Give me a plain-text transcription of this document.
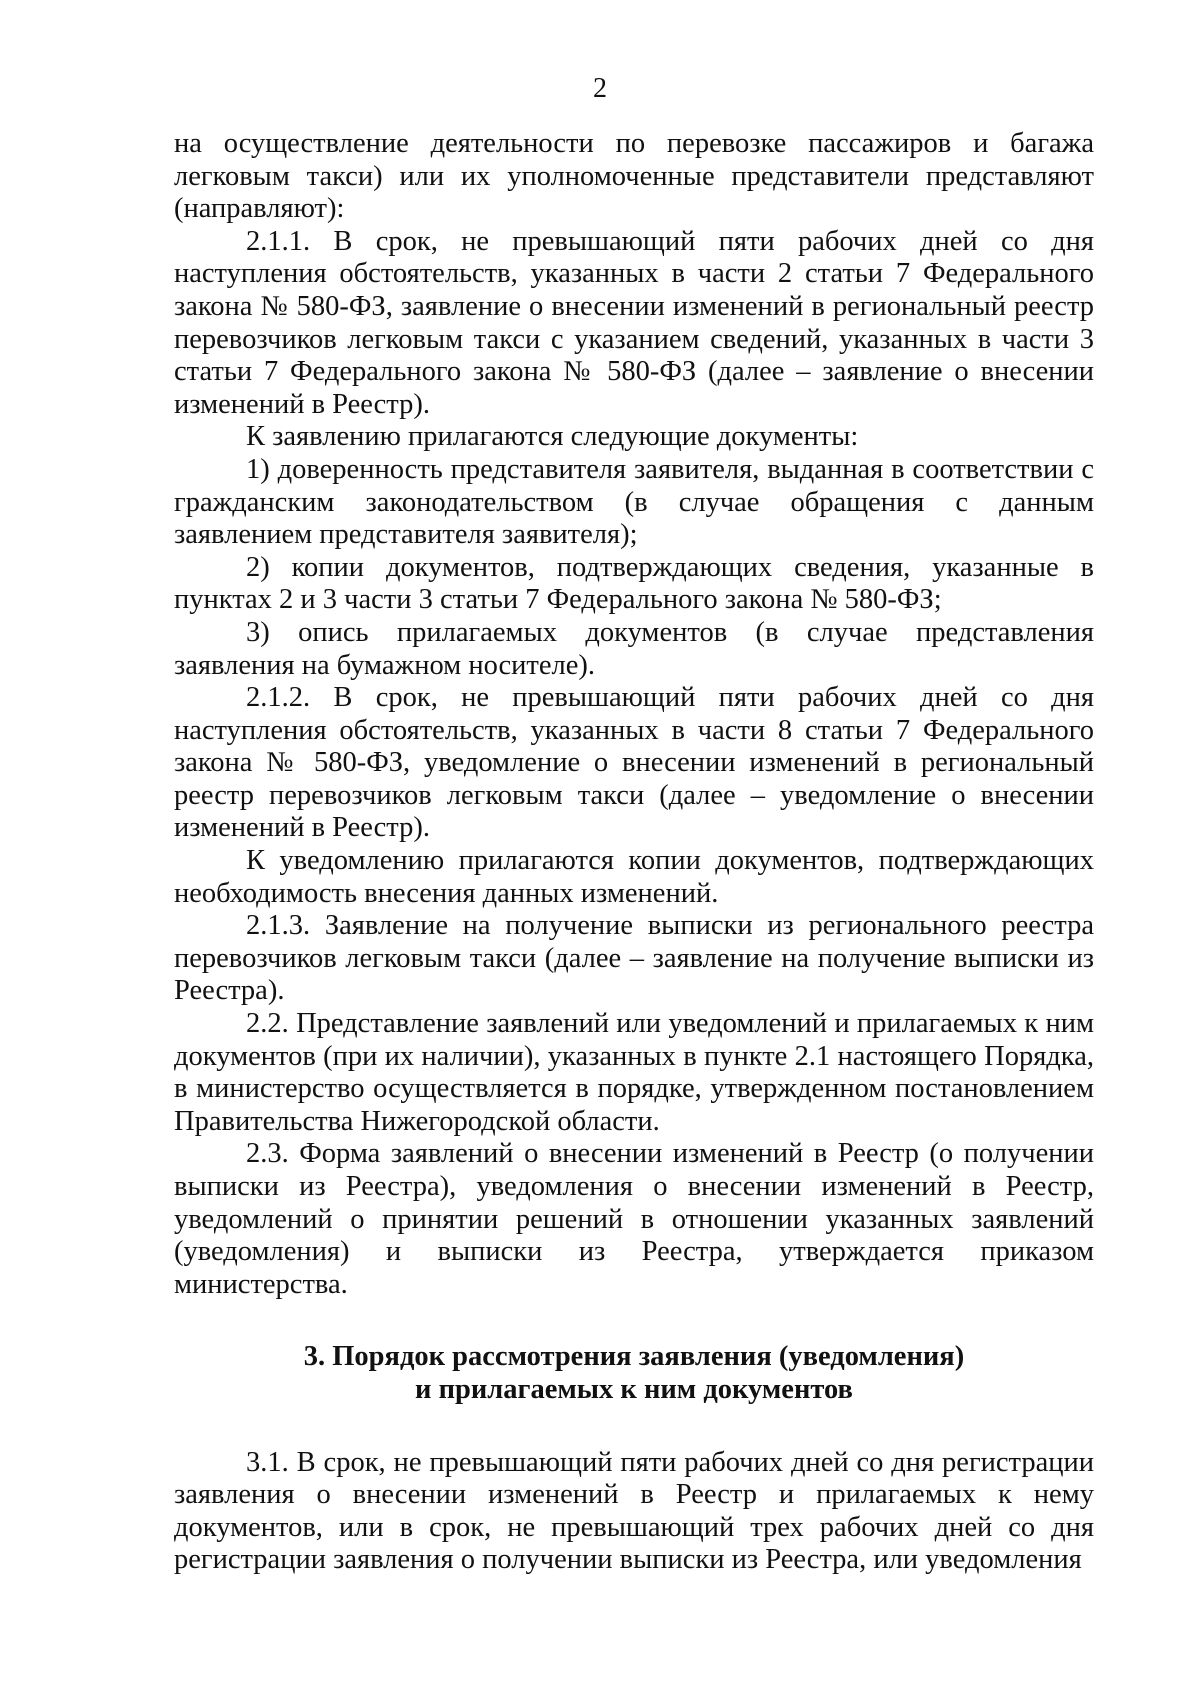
2

на осуществление деятельности по перевозке пассажиров и багажа легковым такси) или их уполномоченные представители представляют (направляют):

2.1.1. В срок, не превышающий пяти рабочих дней со дня наступления обстоятельств, указанных в части 2 статьи 7 Федерального закона № 580-ФЗ, заявление о внесении изменений в региональный реестр перевозчиков легковым такси с указанием сведений, указанных в части 3 статьи 7 Федерального закона № 580-ФЗ (далее – заявление о внесении изменений в Реестр).

К заявлению прилагаются следующие документы:

1) доверенность представителя заявителя, выданная в соответствии с гражданским законодательством (в случае обращения с данным заявлением представителя заявителя);

2) копии документов, подтверждающих сведения, указанные в пунктах 2 и 3 части 3 статьи 7 Федерального закона № 580-ФЗ;

3) опись прилагаемых документов (в случае представления заявления на бумажном носителе).

2.1.2. В срок, не превышающий пяти рабочих дней со дня наступления обстоятельств, указанных в части 8 статьи 7 Федерального закона № 580-ФЗ, уведомление о внесении изменений в региональный реестр перевозчиков легковым такси (далее – уведомление о внесении изменений в Реестр).

К уведомлению прилагаются копии документов, подтверждающих необходимость внесения данных изменений.

2.1.3. Заявление на получение выписки из регионального реестра перевозчиков легковым такси (далее – заявление на получение выписки из Реестра).

2.2. Представление заявлений или уведомлений и прилагаемых к ним документов (при их наличии), указанных в пункте 2.1 настоящего Порядка, в министерство осуществляется в порядке, утвержденном постановлением Правительства Нижегородской области.

2.3. Форма заявлений о внесении изменений в Реестр (о получении выписки из Реестра), уведомления о внесении изменений в Реестр, уведомлений о принятии решений в отношении указанных заявлений (уведомления) и выписки из Реестра, утверждается приказом министерства.

3. Порядок рассмотрения заявления (уведомления)
и прилагаемых к ним документов

3.1. В срок, не превышающий пяти рабочих дней со дня регистрации заявления о внесении изменений в Реестр и прилагаемых к нему документов, или в срок, не превышающий трех рабочих дней со дня регистрации заявления о получении выписки из Реестра, или уведомления
